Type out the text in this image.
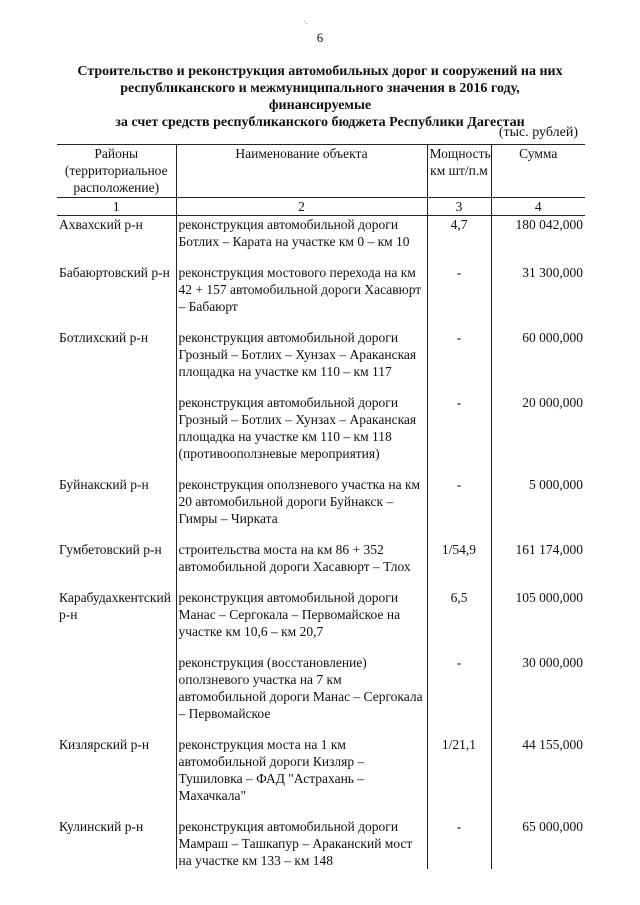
·.
6
Строительство и реконструкция автомобильных дорог и сооружений на них
республиканского и межмуниципального значения в 2016 году, финансируемые
за счет средств республиканского бюджета Республики Дагестан
(тыс. рублей)
Районы (территориальное расположение)	Наименование объекта	Мощность км шт/п.м	Сумма
1	2	3	4
Ахвахский р-н	реконструкция автомобильной дороги Ботлих – Карата на участке км 0 – км 10	4,7	180 042,000
Бабаюртовский р-н	реконструкция мостового перехода на км 42 + 157 автомобильной дороги Хасавюрт – Бабаюрт	-	31 300,000
Ботлихский р-н	реконструкция автомобильной дороги Грозный – Ботлих – Хунзах – Араканская площадка на участке км 110 – км 117	-	60 000,000
	реконструкция автомобильной дороги Грозный – Ботлих – Хунзах – Араканская площадка на участке км 110 – км 118 (противооползневые мероприятия)	-	20 000,000
Буйнакский р-н	реконструкция оползневого участка на км 20 автомобильной дороги Буйнакск – Гимры – Чирката	-	5 000,000
Гумбетовский р-н	строительства моста на км 86 + 352 автомобильной дороги Хасавюрт – Тлох	1/54,9	161 174,000
Карабудахкентский р-н	реконструкция автомобильной дороги Манас – Сергокала – Первомайское на участке км 10,6 – км 20,7	6,5	105 000,000
	реконструкция (восстановление) оползневого участка на 7 км автомобильной дороги Манас – Сергокала – Первомайское	-	30 000,000
Кизлярский р-н	реконструкция моста на 1 км автомобильной дороги Кизляр – Тушиловка – ФАД "Астрахань – Махачкала"	1/21,1	44 155,000
Кулинский р-н	реконструкция автомобильной дороги Мамраш – Ташкапур – Араканский мост на участке км 133 – км 148	-	65 000,000
